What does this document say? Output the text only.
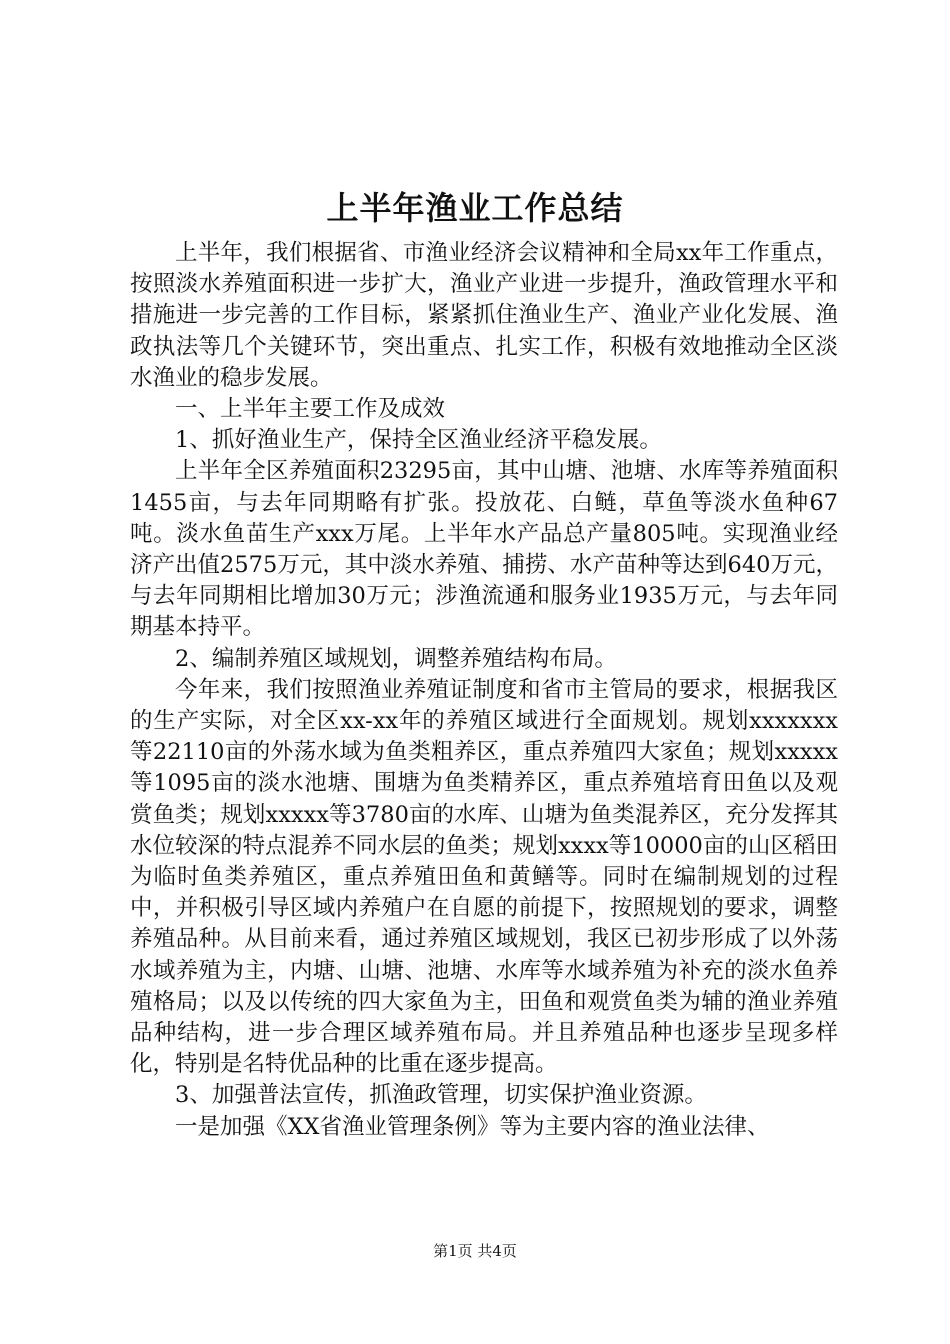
上半年渔业工作总结

上半年，我们根据省、市渔业经济会议精神和全局xx年工作重点，按照淡水养殖面积进一步扩大，渔业产业进一步提升，渔政管理水平和措施进一步完善的工作目标，紧紧抓住渔业生产、渔业产业化发展、渔政执法等几个关键环节，突出重点、扎实工作，积极有效地推动全区淡水渔业的稳步发展。

一、上半年主要工作及成效

1、抓好渔业生产，保持全区渔业经济平稳发展。

上半年全区养殖面积23295亩，其中山塘、池塘、水库等养殖面积1455亩，与去年同期略有扩张。投放花、白鲢，草鱼等淡水鱼种67吨。淡水鱼苗生产xxx万尾。上半年水产品总产量805吨。实现渔业经济产出值2575万元，其中淡水养殖、捕捞、水产苗种等达到640万元，与去年同期相比增加30万元；涉渔流通和服务业1935万元，与去年同期基本持平。

2、编制养殖区域规划，调整养殖结构布局。

今年来，我们按照渔业养殖证制度和省市主管局的要求，根据我区的生产实际，对全区xx-xx年的养殖区域进行全面规划。规划xxxxxxx等22110亩的外荡水域为鱼类粗养区，重点养殖四大家鱼；规划xxxxx等1095亩的淡水池塘、围塘为鱼类精养区，重点养殖培育田鱼以及观赏鱼类；规划xxxxx等3780亩的水库、山塘为鱼类混养区，充分发挥其水位较深的特点混养不同水层的鱼类；规划xxxx等10000亩的山区稻田为临时鱼类养殖区，重点养殖田鱼和黄鳝等。同时在编制规划的过程中，并积极引导区域内养殖户在自愿的前提下，按照规划的要求，调整养殖品种。从目前来看，通过养殖区域规划，我区已初步形成了以外荡水域养殖为主，内塘、山塘、池塘、水库等水域养殖为补充的淡水鱼养殖格局；以及以传统的四大家鱼为主，田鱼和观赏鱼类为辅的渔业养殖品种结构，进一步合理区域养殖布局。并且养殖品种也逐步呈现多样化，特别是名特优品种的比重在逐步提高。

3、加强普法宣传，抓渔政管理，切实保护渔业资源。

一是加强《XX省渔业管理条例》等为主要内容的渔业法律、

第1页 共4页
